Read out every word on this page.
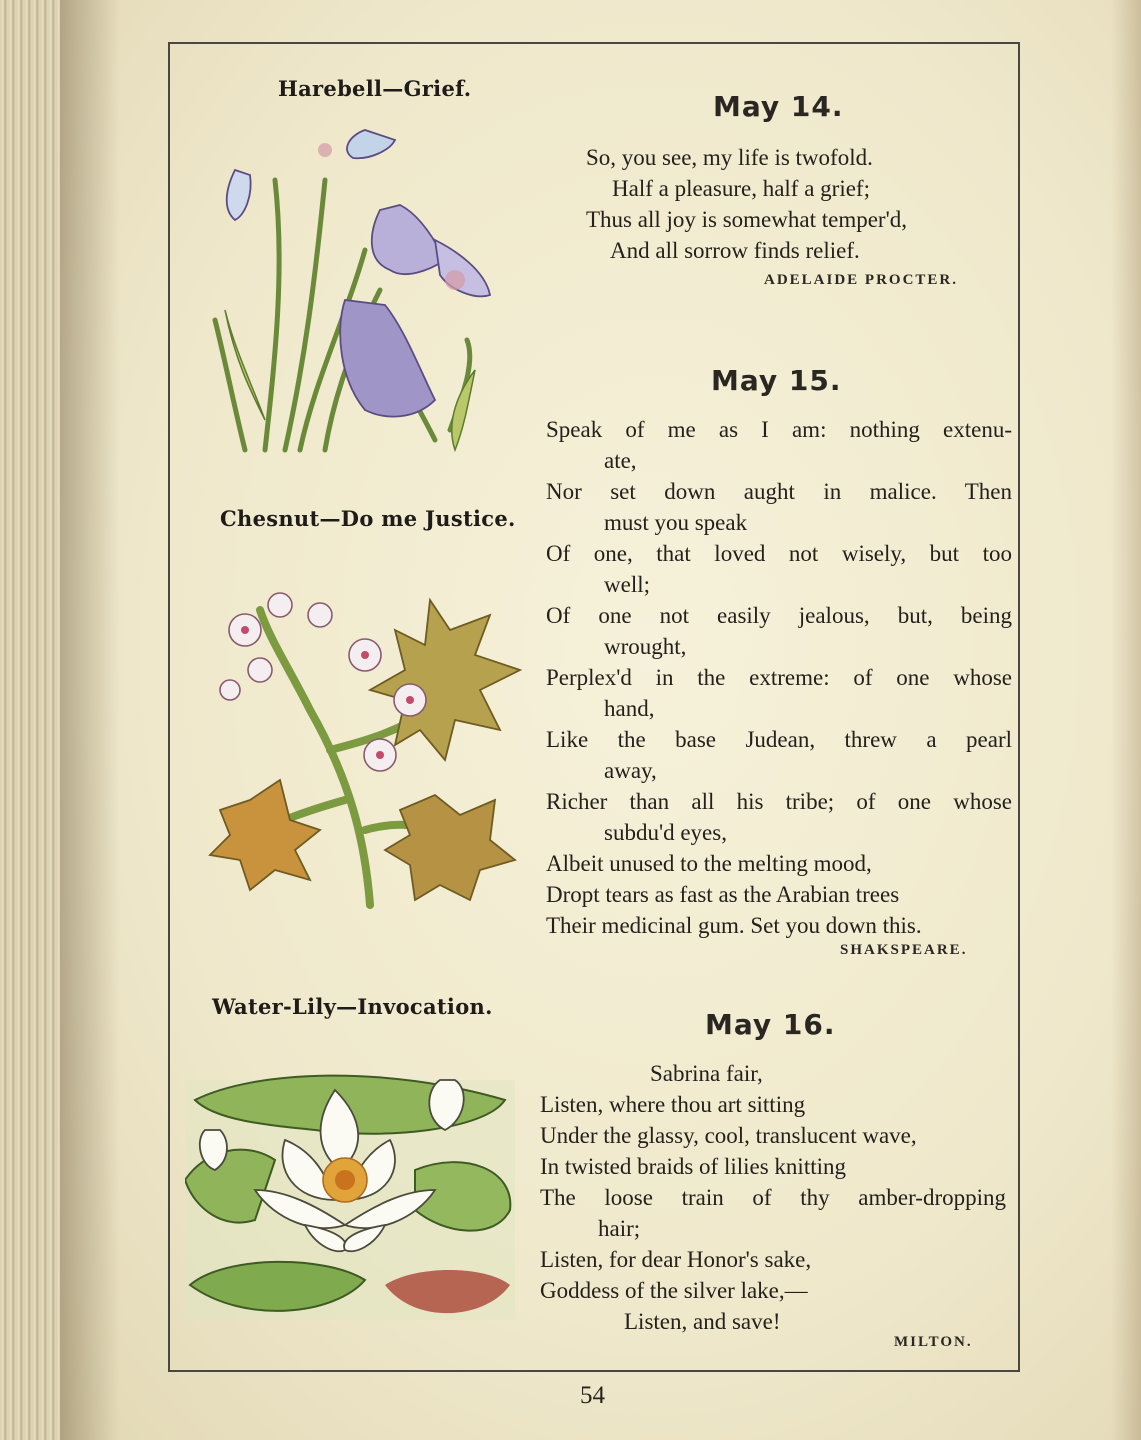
Harebell—Grief.
Chesnut—Do me Justice.
Water-Lily—Invocation.
May 14.
So, you see, my life is twofold.
Half a pleasure, half a grief;
Thus all joy is somewhat temper'd,
And all sorrow finds relief.
ADELAIDE PROCTER.
May 15.
Speak of me as I am: nothing extenu-
ate,
Nor set down aught in malice. Then
must you speak
Of one, that loved not wisely, but too
well;
Of one not easily jealous, but, being
wrought,
Perplex'd in the extreme: of one whose
hand,
Like the base Judean, threw a pearl
away,
Richer than all his tribe; of one whose
subdu'd eyes,
Albeit unused to the melting mood,
Dropt tears as fast as the Arabian trees
Their medicinal gum. Set you down this.
SHAKSPEARE.
May 16.
Sabrina fair,
Listen, where thou art sitting
Under the glassy, cool, translucent wave,
In twisted braids of lilies knitting
The loose train of thy amber-dropping
hair;
Listen, for dear Honor's sake,
Goddess of the silver lake,—
Listen, and save!
MILTON.
54
